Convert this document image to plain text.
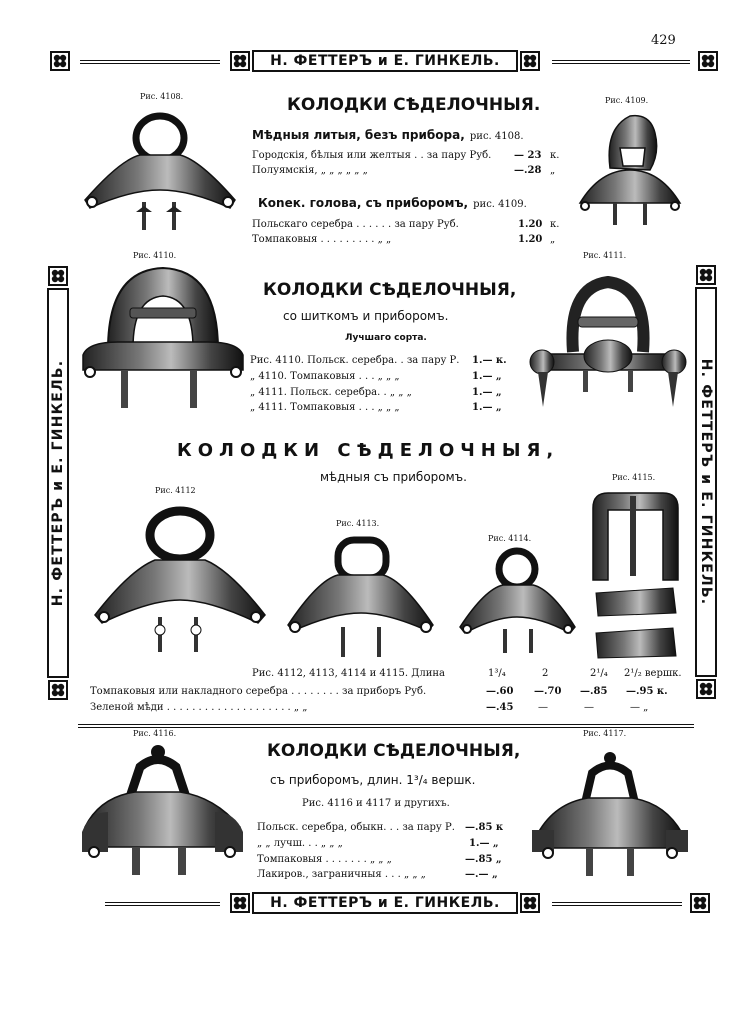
429
Н. ФЕТТЕРЪ и Е. ГИНКЕЛЬ.
Н. ФЕТТЕРЪ и Е. ГИНКЕЛЬ.	Н. ФЕТТЕРЪ и Е. ГИНКЕЛЬ.
Рис. 4108.	Рис. 4109.
КОЛОДКИ СѢДЕЛОЧНЫЯ.
Мѣдныя литыя, безъ прибора, рис. 4108.
Городскія, бѣлыя или желтыя . . за пару Руб. — 23 к.
Полуямскія, „ „ „ „ „ „	—.28 „
Коneк. голова, съ приборомъ, рис. 4109.
Польскаго серебра . . . . . . за пару Руб.	1.20 к.
Томпаковыя . . . . . . . . . „ „	1.20 „
Рис. 4110.	Рис. 4111.
КОЛОДКИ СѢДЕЛОЧНЫЯ,
со шиткомъ и приборомъ.
Лучшаго сорта.
Рис. 4110. Польск. серебра. . за пару Р. 1.— к.
„ 4110. Томпаковыя . . . „ „ „	1.— „
„ 4111. Польск. серебра. . „ „ „	1.— „
„ 4111. Томпаковыя . . . „ „ „	1.— „
КОЛОДКИ СѢДЕЛОЧНЫЯ,
мѣдныя съ приборомъ.
Рис. 4112
Рис. 4113.
Рис. 4114.
Рис. 4115.
Рис. 4112, 4113, 4114 и 4115. Длина	1³/₄	2	2¹/₄ 2¹/₂ вершк.
Томпаковыя или накладного серебра . . . . . . . . за приборъ Руб.	—.60 —.70 —.85 —.95 к.
Зеленой мѣди . . . . . . . . . . . . . . . . . . . . „ „	—.45 —	—	— „
Рис. 4116.	Рис. 4117.
КОЛОДКИ СѢДЕЛОЧНЫЯ,
съ приборомъ, длин. 1³/₄ вершк.
Рис. 4116 и 4117 и другихъ.
Польск. серебра, обыкн. . . за пару Р. —.85 к
„ „ лучш. . . „ „ „	1.— „
Томпаковыя . . . . . . . „ „ „	—.85 „
Лакиров., заграничныя . . . „ „ „	—.— „
Н. ФЕТТЕРЪ и Е. ГИНКЕЛЬ.
